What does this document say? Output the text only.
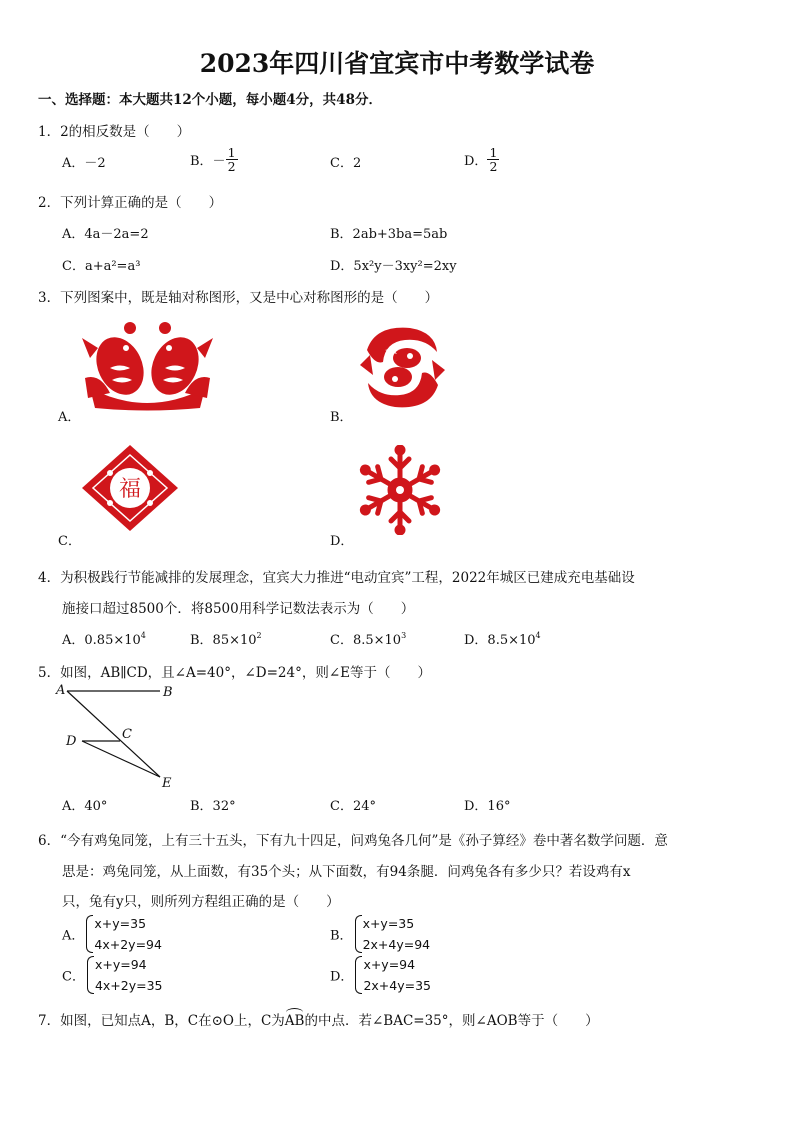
2023年四川省宜宾市中考数学试卷
一、选择题：本大题共12个小题，每小题4分，共48分．
1．2的相反数是（　　）
A．－2	B．－ $\frac{1}{2}$	C．2	D． $\frac{1}{2}$
2．下列计算正确的是（　　）
A．4a－2a=2	B．2ab+3ba=5ab
C．a+a²=a³	D．5x²y－3xy²=2xy
3．下列图案中，既是轴对称图形，又是中心对称图形的是（　　）
A．	B．
福
C．	D．
4．为积极践行节能减排的发展理念，宜宾大力推进“电动宜宾”工程，2022年城区已建成充电基础设
施接口超过8500个．将8500用科学记数法表示为（　　）
A．$0.85\times 10^4$	B．$85\times 10^2$	C．$8.5\times 10^3$	D．$8.5\times 10^4$
5．如图，AB∥CD，且∠A=40°，∠D=24°，则∠E等于（　　）
A	B
D	C
E
A．40°	B．32°	C．24°	D．16°
6．“今有鸡兔同笼，上有三十五头，下有九十四足，问鸡兔各几何”是《孙子算经》卷中著名数学问题．意
思是：鸡兔同笼，从上面数，有35个头；从下面数，有94条腿．问鸡兔各有多少只？若设鸡有x
只，兔有y只，则所列方程组正确的是（　　）
A．
x+y=35
4x+2y=94
B．
x+y=35
2x+4y=94
C．
x+y=94
4x+2y=35
D．
x+y=94
2x+4y=35
7．如图，已知点A，B，C在⊙O上，C为AB的中点．若∠BAC=35°，则∠AOB等于（　　）
